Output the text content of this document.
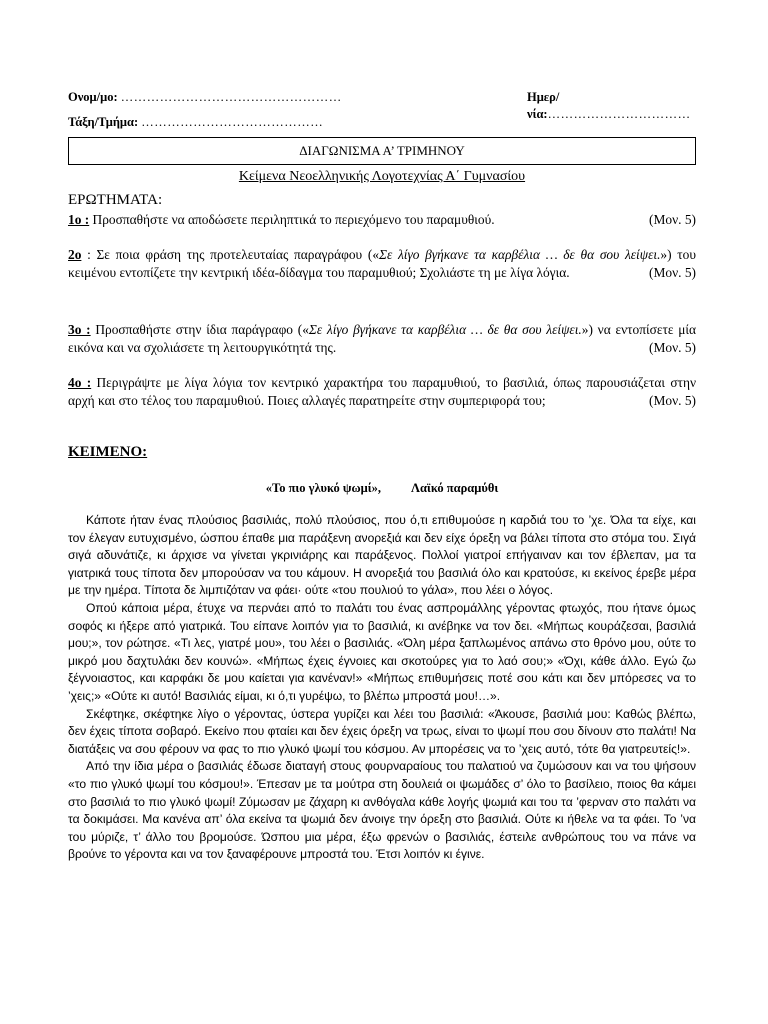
Ονομ/μο: ……………………………………………	Ημερ/νία:……………………………
Τάξη/Τμήμα: ……………………………………
ΔΙΑΓΩΝΙΣΜΑ Α’ ΤΡΙΜΗΝΟΥ
Κείμενα Νεοελληνικής Λογοτεχνίας Α΄ Γυμνασίου
ΕΡΩΤΗΜΑΤΑ:
1ο : Προσπαθήστε να αποδώσετε περιληπτικά το περιεχόμενο του παραμυθιού.	(Μον. 5)
2ο : Σε ποια φράση της προτελευταίας παραγράφου («Σε λίγο βγήκανε τα καρβέλια … δε θα σου λείψει.») του κειμένου εντοπίζετε την κεντρική ιδέα-δίδαγμα του παραμυθιού; Σχολιάστε τη με λίγα λόγια.	(Μον. 5)
3ο : Προσπαθήστε στην ίδια παράγραφο («Σε λίγο βγήκανε τα καρβέλια … δε θα σου λείψει.») να εντοπίσετε μία εικόνα και να σχολιάσετε τη λειτουργικότητά της.	(Μον. 5)
4ο : Περιγράψτε με λίγα λόγια τον κεντρικό χαρακτήρα του παραμυθιού, το βασιλιά, όπως παρουσιάζεται στην αρχή και στο τέλος του παραμυθιού. Ποιες αλλαγές παρατηρείτε στην συμπεριφορά του;	(Μον. 5)
ΚΕΙΜΕΝΟ:
«Το πιο γλυκό ψωμί», Λαϊκό παραμύθι

Κάποτε ήταν ένας πλούσιος βασιλιάς, πολύ πλούσιος, που ό,τι επιθυμούσε η καρδιά του το ’χε. Όλα τα είχε, και τον έλεγαν ευτυχισμένο, ώσπου έπαθε μια παράξενη ανορεξιά και δεν είχε όρεξη να βάλει τίποτα στο στόμα του. Σιγά σιγά αδυνάτιζε, κι άρχισε να γίνεται γκρινιάρης και παράξενος. Πολλοί γιατροί επήγαιναν και τον έβλεπαν, μα τα γιατρικά τους τίποτα δεν μπορούσαν να του κάμουν. Η ανορεξιά του βασιλιά όλο και κρατούσε, κι εκείνος έρεβε μέρα με την ημέρα. Τίποτα δε λιμπιζόταν να φάει· ούτε «του πουλιού το γάλα», που λέει ο λόγος.

Οπού κάποια μέρα, έτυχε να περνάει από το παλάτι του ένας ασπρομάλλης γέροντας φτωχός, που ήτανε όμως σοφός κι ήξερε από γιατρικά. Του είπανε λοιπόν για το βασιλιά, κι ανέβηκε να τον δει. «Μήπως κουράζεσαι, βασιλιά μου;», τον ρώτησε. «Τι λες, γιατρέ μου», του λέει ο βασιλιάς. «Όλη μέρα ξαπλωμένος απάνω στο θρόνο μου, ούτε το μικρό μου δαχτυλάκι δεν κουνώ». «Μήπως έχεις έγνοιες και σκοτούρες για το λαό σου;» «Όχι, κάθε άλλο. Εγώ ζω ξέγνοιαστος, και καρφάκι δε μου καίεται για κανέναν!» «Μήπως επιθυμήσεις ποτέ σου κάτι και δεν μπόρεσες να το ’χεις;» «Ούτε κι αυτό! Βασιλιάς είμαι, κι ό,τι γυρέψω, το βλέπω μπροστά μου!…».

Σκέφτηκε, σκέφτηκε λίγο ο γέροντας, ύστερα γυρίζει και λέει του βασιλιά: «Άκουσε, βασιλιά μου: Καθώς βλέπω, δεν έχεις τίποτα σοβαρό. Εκείνο που φταίει και δεν έχεις όρεξη να τρως, είναι το ψωμί που σου δίνουν στο παλάτι! Να διατάξεις να σου φέρουν να φας το πιο γλυκό ψωμί του κόσμου. Αν μπορέσεις να το ’χεις αυτό, τότε θα γιατρευτείς!».

Από την ίδια μέρα ο βασιλιάς έδωσε διαταγή στους φουρναραίους του παλατιού να ζυμώσουν και να του ψήσουν «το πιο γλυκό ψωμί του κόσμου!». Έπεσαν με τα μούτρα στη δουλειά οι ψωμάδες σ’ όλο το βασίλειο, ποιος θα κάμει στο βασιλιά το πιο γλυκό ψωμί! Ζύμωσαν με ζάχαρη κι ανθόγαλα κάθε λογής ψωμιά και του τα ’φερναν στο παλάτι να τα δοκιμάσει. Μα κανένα απ’ όλα εκείνα τα ψωμιά δεν άνοιγε την όρεξη στο βασιλιά. Ούτε κι ήθελε να τα φάει. Το ’να του μύριζε, τ’ άλλο του βρομούσε. Ώσπου μια μέρα, έξω φρενών ο βασιλιάς, έστειλε ανθρώπους του να πάνε να βρούνε το γέροντα και να τον ξαναφέρουνε μπροστά του. Έτσι λοιπόν κι έγινε.
